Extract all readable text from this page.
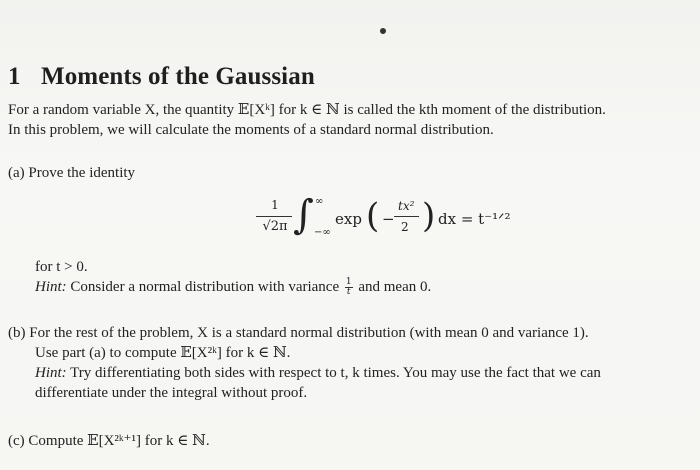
1 Moments of the Gaussian
For a random variable X, the quantity 𝔼[Xᵏ] for k ∈ ℕ is called the kth moment of the distribution.
In this problem, we will calculate the moments of a standard normal distribution.
(a) Prove the identity
1
√2π ∫ ∞
−∞
exp ( −
tx²
2 ) dx = t⁻¹ᐟ²
for t > 0.
Hint: Consider a normal distribution with variance $\frac{1}{t}$ and mean 0.
(b) For the rest of the problem, X is a standard normal distribution (with mean 0 and variance 1).
Use part (a) to compute 𝔼[X²ᵏ] for k ∈ ℕ.
Hint: Try differentiating both sides with respect to t, k times. You may use the fact that we can
differentiate under the integral without proof.
(c) Compute 𝔼[X²ᵏ⁺¹] for k ∈ ℕ.
